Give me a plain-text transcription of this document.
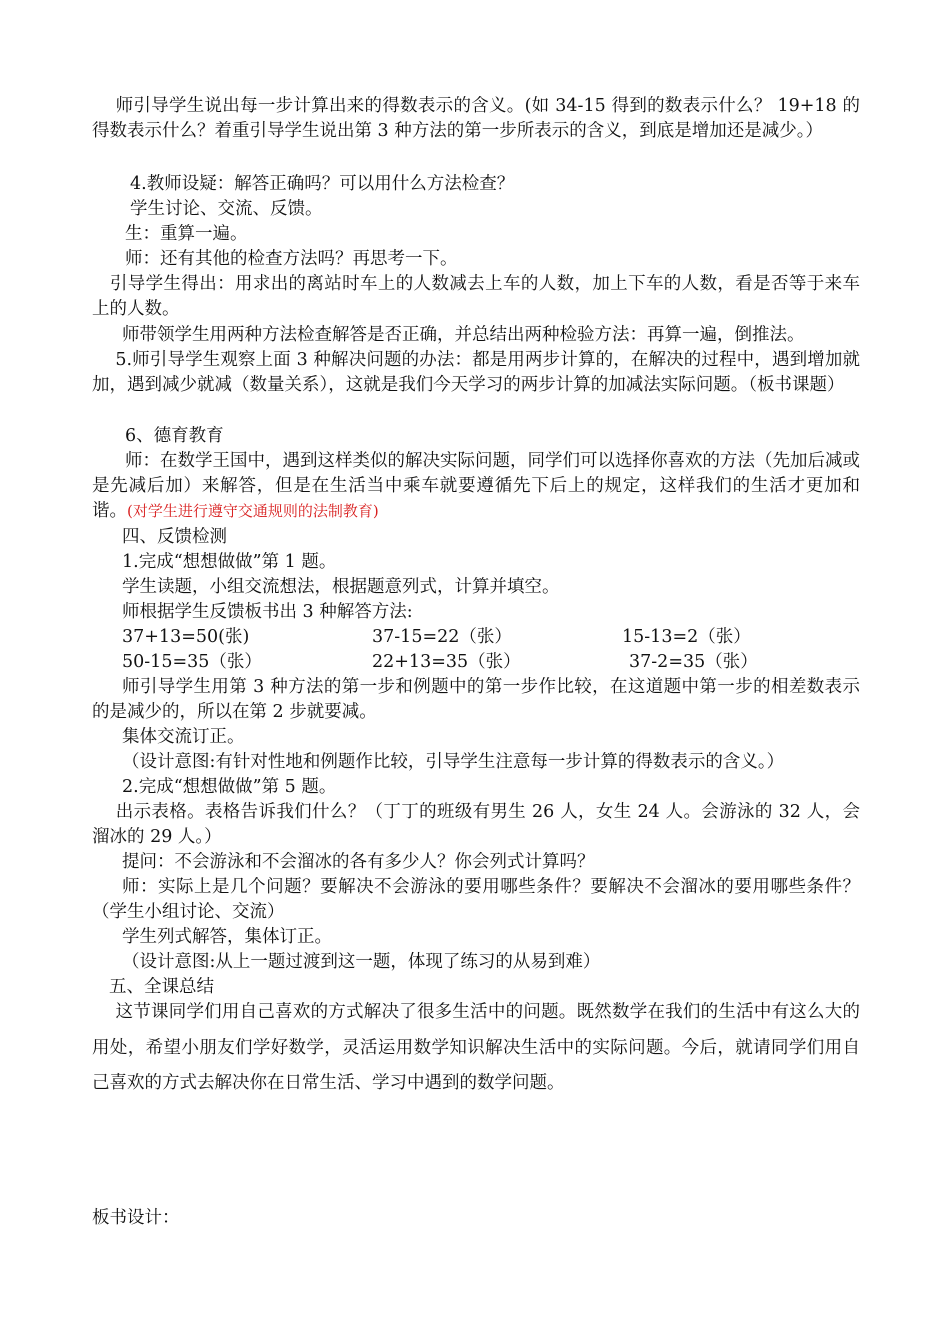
　 师引导学生说出每一步计算出来的得数表示的含义。(如 34-15 得到的数表示什么？ 19+18 的得数表示什么？着重引导学生说出第 3 种方法的第一步所表示的含义，到底是增加还是减少。）

4.教师设疑：解答正确吗？可以用什么方法检查？

学生讨论、交流、反馈。

生：重算一遍。

师：还有其他的检查方法吗？再思考一下。

　引导学生得出：用求出的离站时车上的人数减去上车的人数，加上下车的人数，看是否等于来车上的人数。

师带领学生用两种方法检查解答是否正确，并总结出两种检验方法：再算一遍，倒推法。

　 5.师引导学生观察上面 3 种解决问题的办法：都是用两步计算的，在解决的过程中，遇到增加就加，遇到减少就减（数量关系），这就是我们今天学习的两步计算的加减法实际问题。（板书课题）

6、德育教育

师：在数学王国中，遇到这样类似的解决实际问题，同学们可以选择你喜欢的方法（先加后减或是先减后加）来解答，但是在生活当中乘车就要遵循先下后上的规定，这样我们的生活才更加和谐。(对学生进行遵守交通规则的法制教育)

四、反馈检测

1.完成“想想做做”第 1 题。

学生读题，小组交流想法，根据题意列式，计算并填空。

师根据学生反馈板书出 3 种解答方法:

37+13=50(张)	37-15=22（张）	15-13=2（张）
50-15=35（张）	22+13=35（张）	37-2=35（张）

师引导学生用第 3 种方法的第一步和例题中的第一步作比较，在这道题中第一步的相差数表示的是减少的，所以在第 2 步就要减。

集体交流订正。

（设计意图:有针对性地和例题作比较，引导学生注意每一步计算的得数表示的含义。）

2.完成“想想做做”第 5 题。

　 出示表格。表格告诉我们什么？（丁丁的班级有男生 26 人，女生 24 人。会游泳的 32 人，会溜冰的 29 人。）

提问：不会游泳和不会溜冰的各有多少人？你会列式计算吗？

师：实际上是几个问题？要解决不会游泳的要用哪些条件？要解决不会溜冰的要用哪些条件？（学生小组讨论、交流）

学生列式解答，集体订正。

（设计意图:从上一题过渡到这一题，体现了练习的从易到难）

五、全课总结

　 这节课同学们用自己喜欢的方式解决了很多生活中的问题。既然数学在我们的生活中有这么大的用处，希望小朋友们学好数学，灵活运用数学知识解决生活中的实际问题。今后，就请同学们用自己喜欢的方式去解决你在日常生活、学习中遇到的数学问题。

板书设计：
